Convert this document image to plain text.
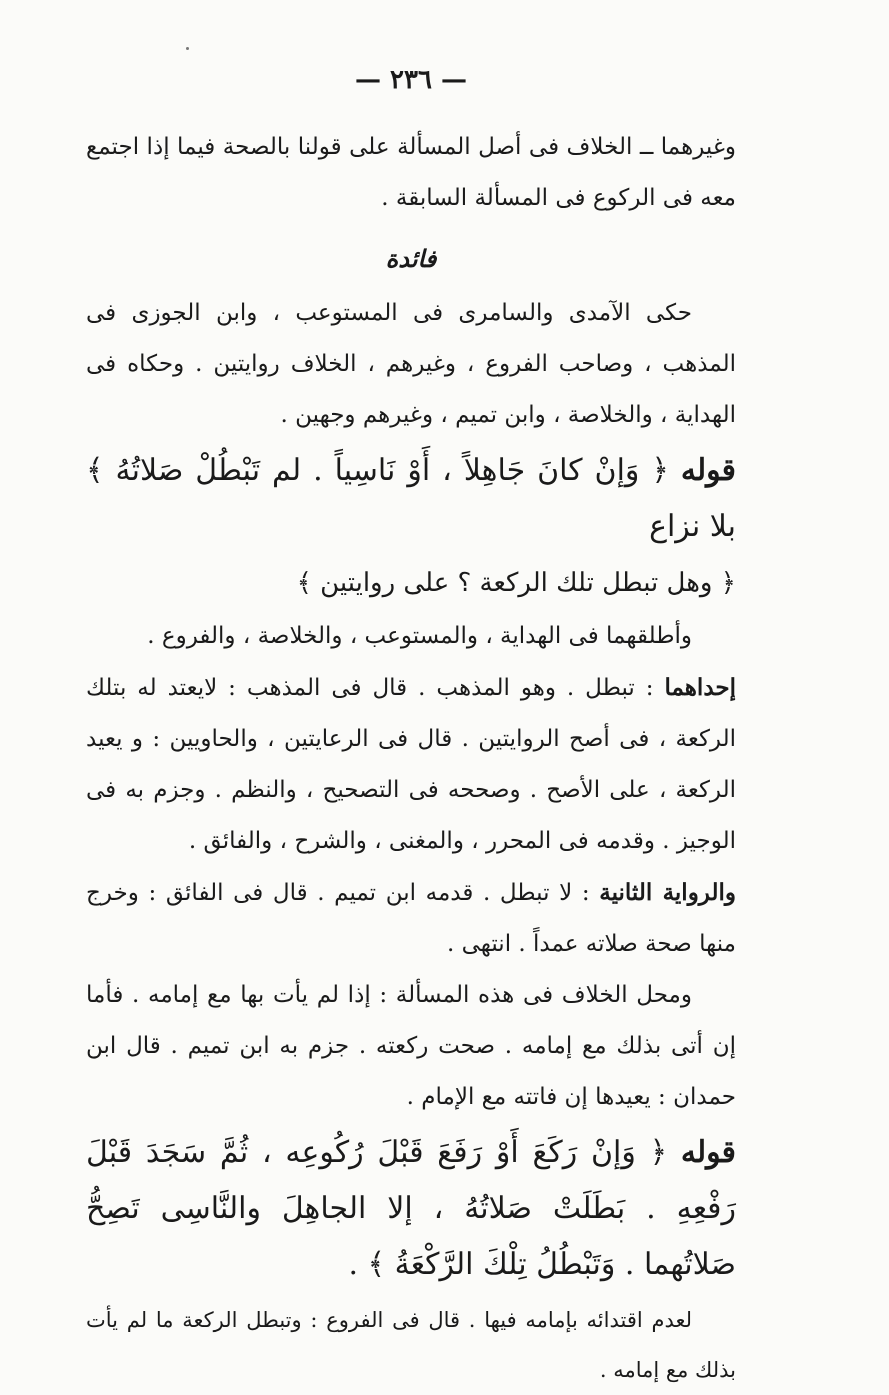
— ٢٣٦ —

وغيرهما ــ الخلاف فى أصل المسألة على قولنا بالصحة فيما إذا اجتمع معه فى الركوع فى المسألة السابقة .

فائدة

حكى الآمدى والسامرى فى المستوعب ، وابن الجوزى فى المذهب ، وصاحب الفروع ، وغيرهم ، الخلاف روايتين . وحكاه فى الهداية ، والخلاصة ، وابن تميم ، وغيرهم وجهين .

قوله ﴿ وَإنْ كانَ جَاهِلاً ، أَوْ نَاسِياً . لم تَبْطُلْ صَلاتُهُ ﴾ بلا نزاع

﴿ وهل تبطل تلك الركعة ؟ على روايتين ﴾

وأطلقهما فى الهداية ، والمستوعب ، والخلاصة ، والفروع .

إحداهما : تبطل . وهو المذهب . قال فى المذهب : لايعتد له بتلك الركعة ، فى أصح الروايتين . قال فى الرعايتين ، والحاويين : و يعيد الركعة ، على الأصح . وصححه فى التصحيح ، والنظم . وجزم به فى الوجيز . وقدمه فى المحرر ، والمغنى ، والشرح ، والفائق .

والرواية الثانية : لا تبطل . قدمه ابن تميم . قال فى الفائق : وخرج منها صحة صلاته عمداً . انتهى .

ومحل الخلاف فى هذه المسألة : إذا لم يأت بها مع إمامه . فأما إن أتى بذلك مع إمامه . صحت ركعته . جزم به ابن تميم . قال ابن حمدان : يعيدها إن فاتته مع الإمام .

قوله ﴿ وَإنْ رَكَعَ أَوْ رَفَعَ قَبْلَ رُكُوعِه ، ثُمَّ سَجَدَ قَبْلَ رَفْعِهِ . بَطَلَتْ صَلاتُهُ ، إلا الجاهِلَ والنَّاسِى تَصِحُّ صَلاتُهما . وَتَبْطُلُ تِلْكَ الرَّكْعَةُ ﴾ .

لعدم اقتدائه بإمامه فيها . قال فى الفروع : وتبطل الركعة ما لم يأت بذلك مع إمامه .
